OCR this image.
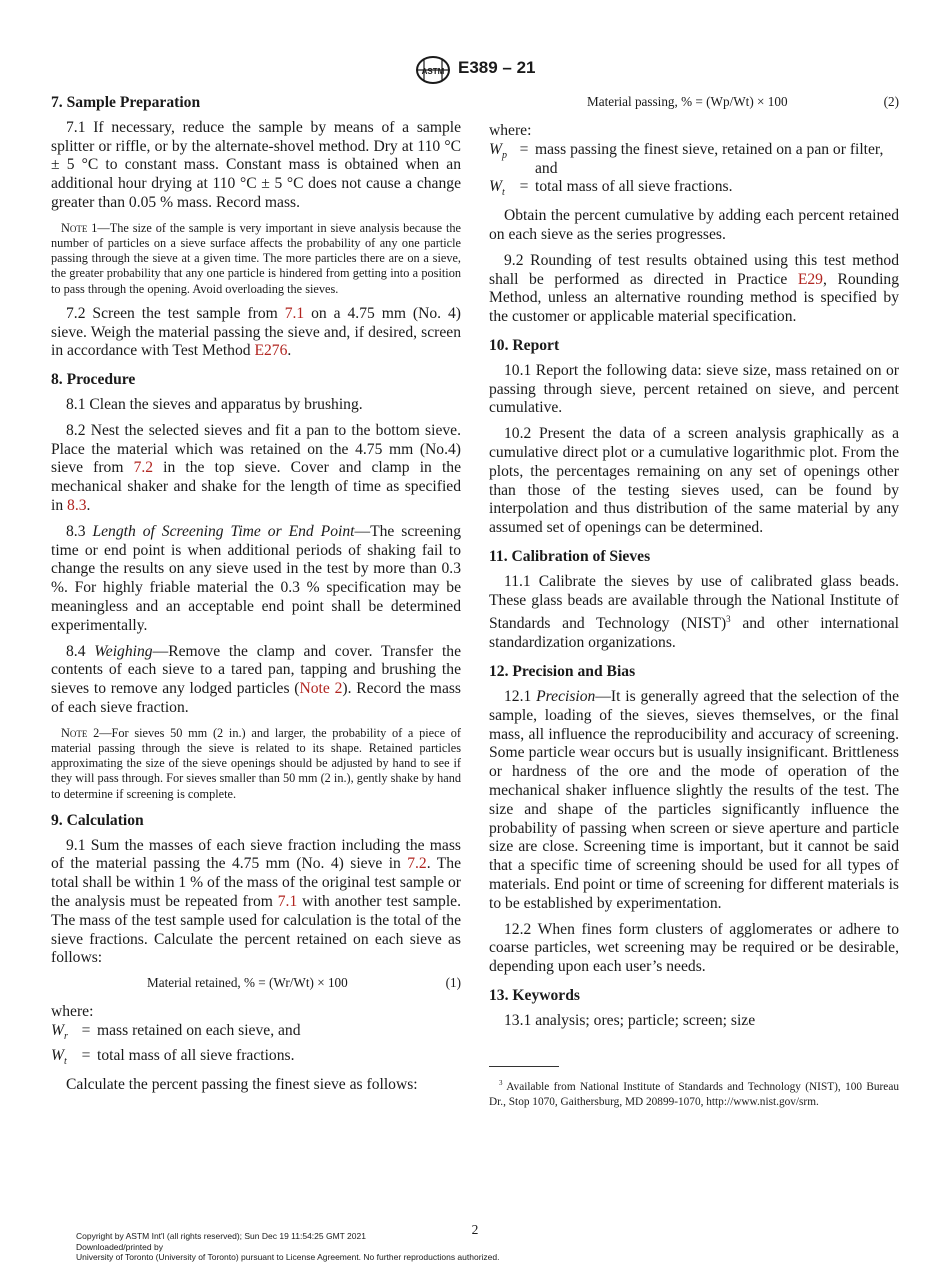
ASTM E389 – 21

7. Sample Preparation

7.1 If necessary, reduce the sample by means of a sample splitter or riffle, or by the alternate-shovel method. Dry at 110 °C ± 5 °C to constant mass. Constant mass is obtained when an additional hour drying at 110 °C ± 5 °C does not cause a change greater than 0.05 % mass. Record mass.

Note 1—The size of the sample is very important in sieve analysis because the number of particles on a sieve surface affects the probability of any one particle passing through the sieve at a given time. The more particles there are on a sieve, the greater probability that any one particle is hindered from getting into a position to pass through the opening. Avoid overloading the sieves.

7.2 Screen the test sample from 7.1 on a 4.75 mm (No. 4) sieve. Weigh the material passing the sieve and, if desired, screen in accordance with Test Method E276.

8. Procedure

8.1 Clean the sieves and apparatus by brushing.

8.2 Nest the selected sieves and fit a pan to the bottom sieve. Place the material which was retained on the 4.75 mm (No.4) sieve from 7.2 in the top sieve. Cover and clamp in the mechanical shaker and shake for the length of time as specified in 8.3.

8.3 Length of Screening Time or End Point—The screening time or end point is when additional periods of shaking fail to change the results on any sieve used in the test by more than 0.3 %. For highly friable material the 0.3 % specification may be meaningless and an acceptable end point shall be determined experimentally.

8.4 Weighing—Remove the clamp and cover. Transfer the contents of each sieve to a tared pan, tapping and brushing the sieves to remove any lodged particles (Note 2). Record the mass of each sieve fraction.

Note 2—For sieves 50 mm (2 in.) and larger, the probability of a piece of material passing through the sieve is related to its shape. Retained particles approximating the size of the sieve openings should be adjusted by hand to see if they will pass through. For sieves smaller than 50 mm (2 in.), gently shake by hand to determine if screening is complete.

9. Calculation

9.1 Sum the masses of each sieve fraction including the mass of the material passing the 4.75 mm (No. 4) sieve in 7.2. The total shall be within 1 % of the mass of the original test sample or the analysis must be repeated from 7.1 with another test sample. The mass of the test sample used for calculation is the total of the sieve fractions. Calculate the percent retained on each sieve as follows:

Material retained, % = (Wr/Wt) × 100	(1)

where:

$W_r$ = mass retained on each sieve, and
$W_t$ = total mass of all sieve fractions.

Calculate the percent passing the finest sieve as follows:

Material passing, % = (Wp/Wt) × 100	(2)

where:

$W_p$ = mass passing the finest sieve, retained on a pan or filter, and
$W_t$ = total mass of all sieve fractions.

Obtain the percent cumulative by adding each percent retained on each sieve as the series progresses.

9.2 Rounding of test results obtained using this test method shall be performed as directed in Practice E29, Rounding Method, unless an alternative rounding method is specified by the customer or applicable material specification.

10. Report

10.1 Report the following data: sieve size, mass retained on or passing through sieve, percent retained on sieve, and percent cumulative.

10.2 Present the data of a screen analysis graphically as a cumulative direct plot or a cumulative logarithmic plot. From the plots, the percentages remaining on any set of openings other than those of the testing sieves used, can be found by interpolation and thus distribution of the same material by any assumed set of openings can be determined.

11. Calibration of Sieves

11.1 Calibrate the sieves by use of calibrated glass beads. These glass beads are available through the National Institute of Standards and Technology (NIST)$^3$ and other international standardization organizations.

12. Precision and Bias

12.1 Precision—It is generally agreed that the selection of the sample, loading of the sieves, sieves themselves, or the final mass, all influence the reproducibility and accuracy of screening. Some particle wear occurs but is usually insignificant. Brittleness or hardness of the ore and the mode of operation of the mechanical shaker influence slightly the results of the test. The size and shape of the particles significantly influence the probability of passing when screen or sieve aperture and particle size are close. Screening time is important, but it cannot be said that a specific time of screening should be used for all types of materials. End point or time of screening for different materials is to be established by experimentation.

12.2 When fines form clusters of agglomerates or adhere to coarse particles, wet screening may be required or be desirable, depending upon each user’s needs.

13. Keywords

13.1 analysis; ores; particle; screen; size

$^3$ Available from National Institute of Standards and Technology (NIST), 100 Bureau Dr., Stop 1070, Gaithersburg, MD 20899-1070, http://www.nist.gov/srm.

2
Copyright by ASTM Int'l (all rights reserved); Sun Dec 19 11:54:25 GMT 2021
Downloaded/printed by
University of Toronto (University of Toronto) pursuant to License Agreement. No further reproductions authorized.
